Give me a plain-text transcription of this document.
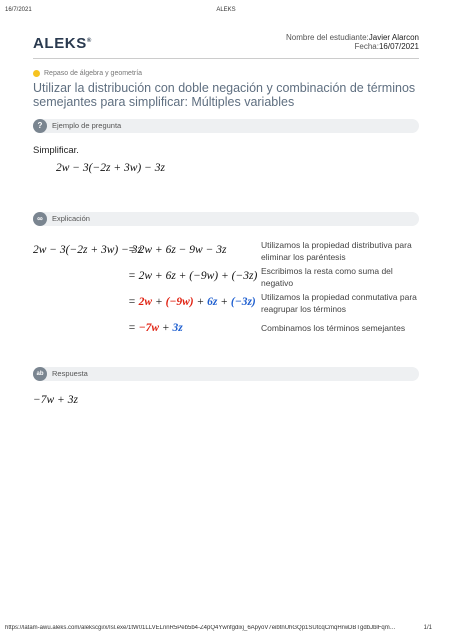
16/7/2021	ALEKS
ALEKS®	Nombre del estudiante:Javier Alarcon
Fecha:16/07/2021
Repaso de álgebra y geometría
Utilizar la distribución con doble negación y combinación de términos semejantes para simplificar: Múltiples variables
?	Ejemplo de pregunta
Simplificar.
2w − 3(−2z + 3w) − 3z
∞	Explicación
2w − 3(−2z + 3w) − 3z
= 2w + 6z − 9w − 3z	Utilizamos la propiedad distributiva para eliminar los paréntesis
= 2w + 6z + (−9w) + (−3z) Escribimos la resta como suma del negativo
= 2w + (−9w) + 6z + (−3z) Utilizamos la propiedad conmutativa para reagrupar los términos
= −7w + 3z	Combinamos los términos semejantes
ab	Respuesta
−7w + 3z
https://latam-awu.aleks.com/alekscgi/x/Isl.exe/1tW01LLVELnnR5Peb5b4-Z4pQ4Ywnfgdixj_6ApyoV7eibtnUhGQp1SUtcqCmqHrwDBTgdbJblFqm…	1/1
